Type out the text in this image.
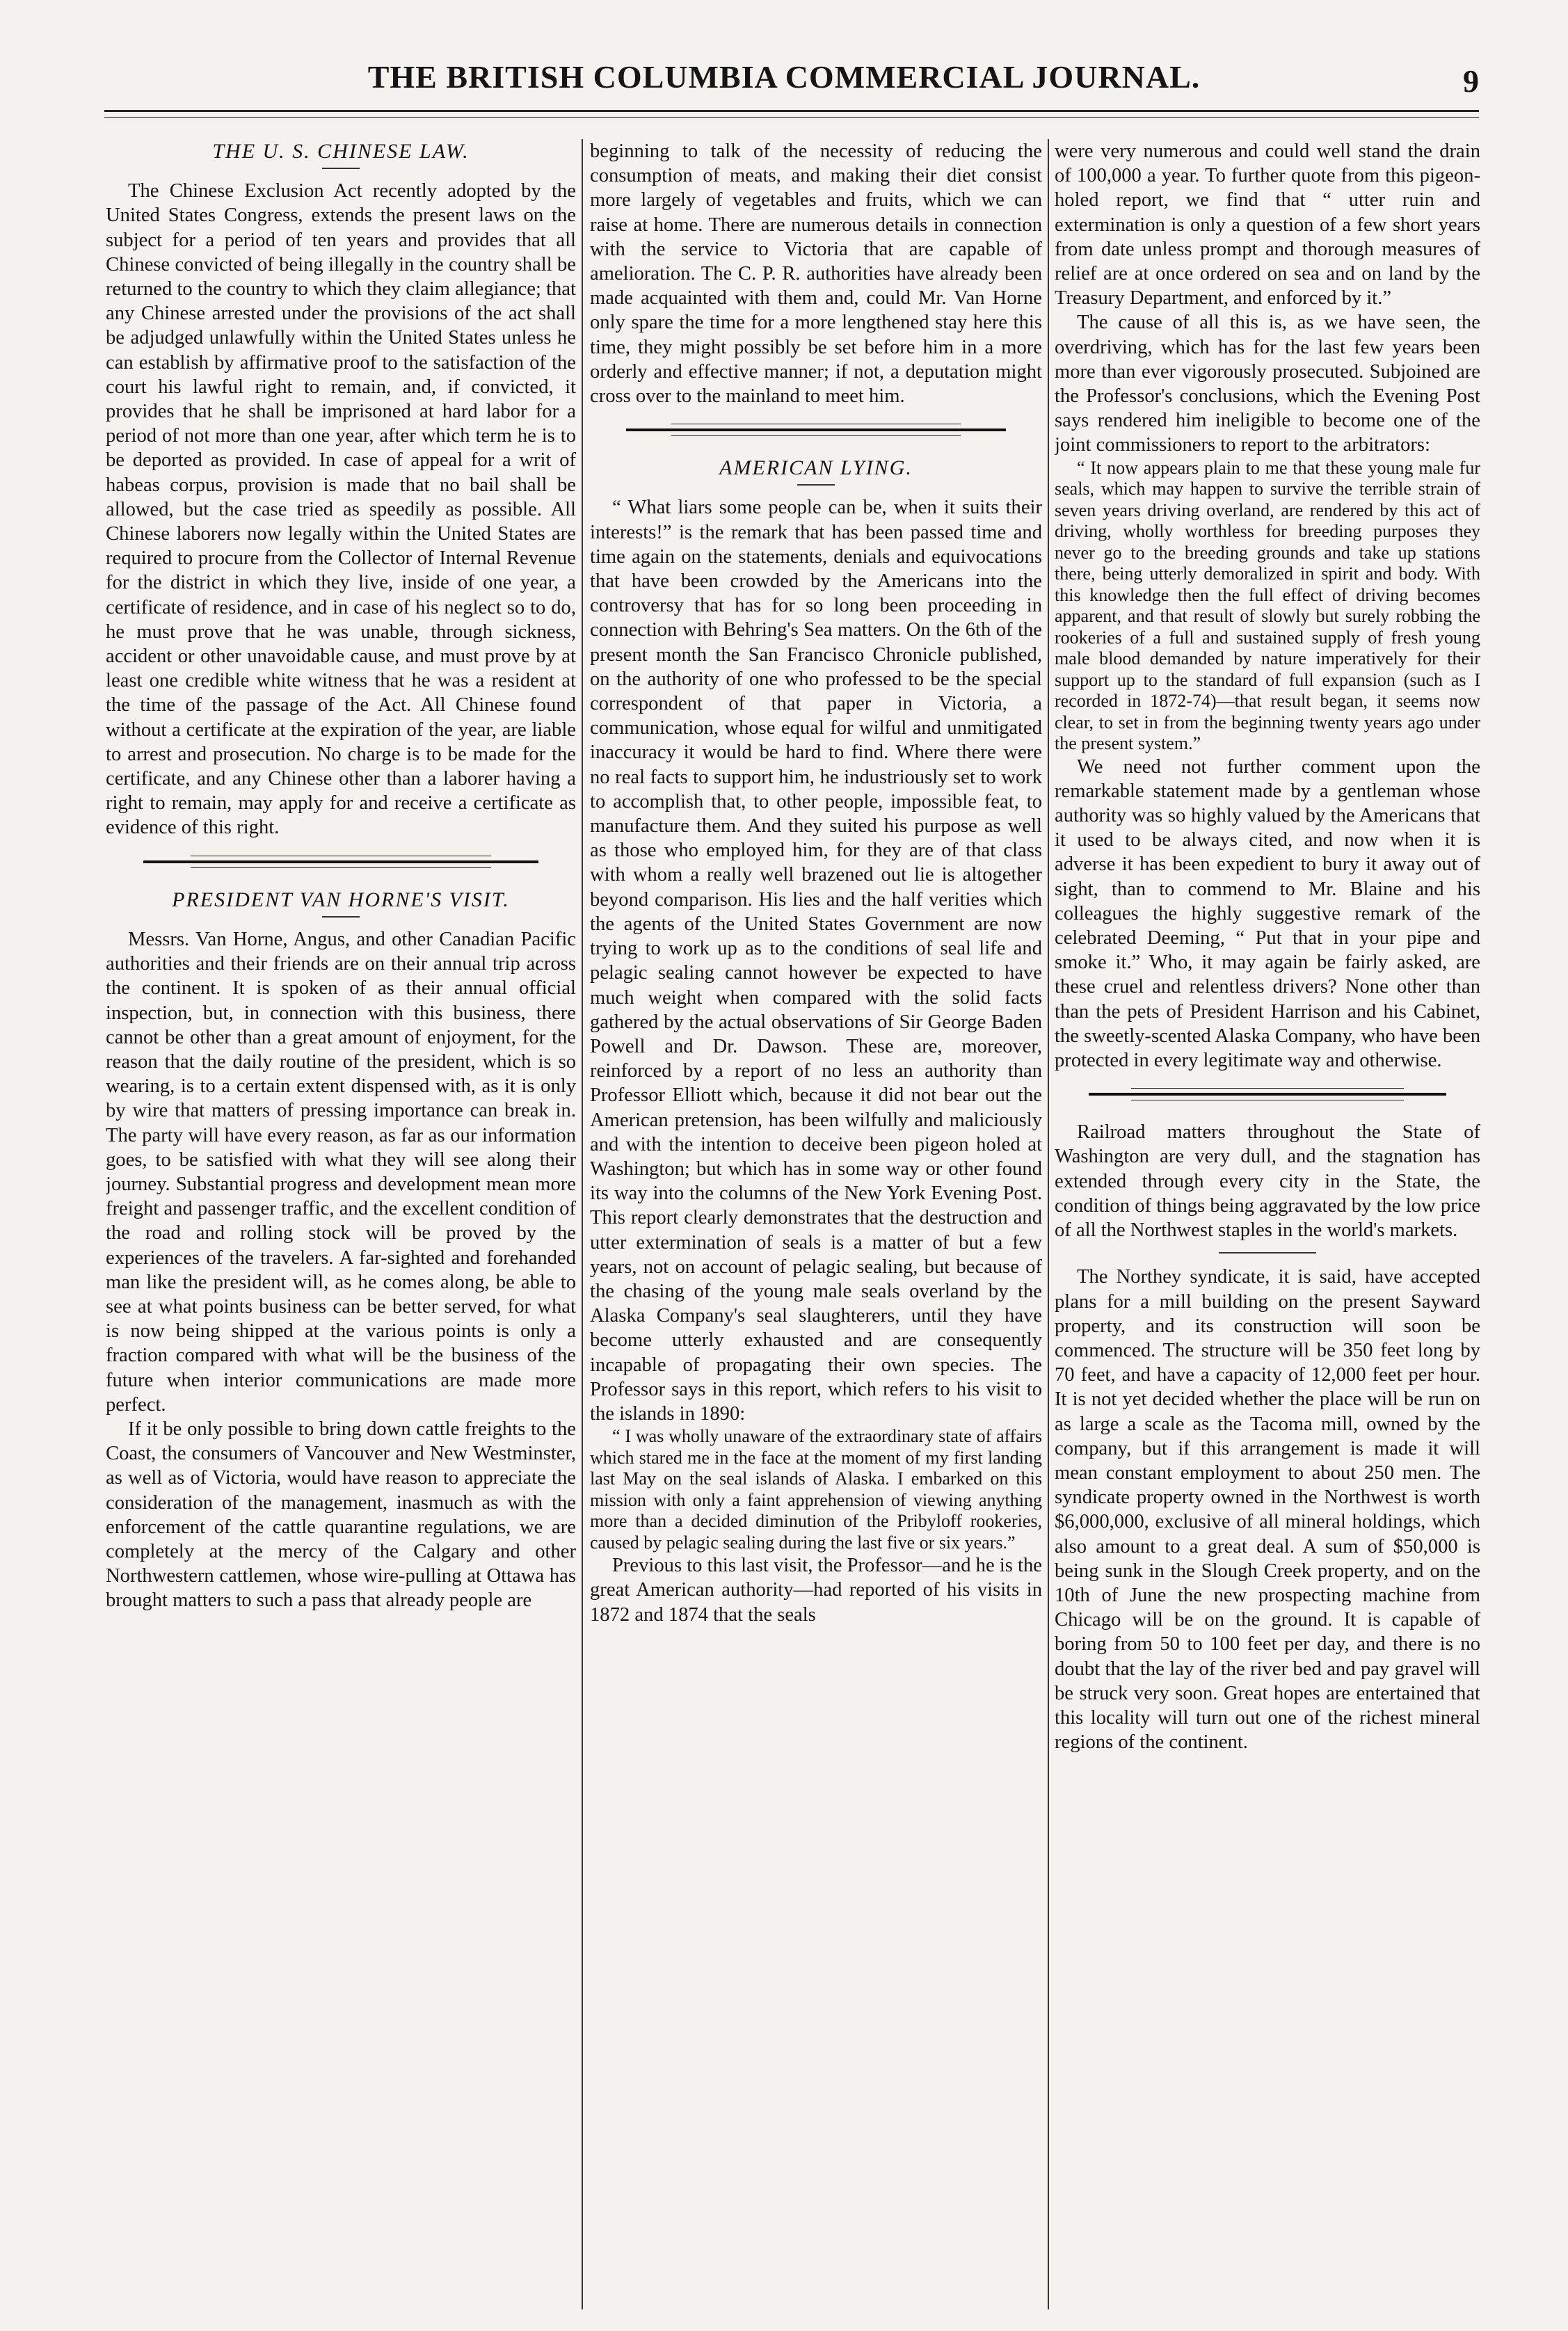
THE BRITISH COLUMBIA COMMERCIAL JOURNAL.	9
THE U. S. CHINESE LAW.

The Chinese Exclusion Act recently adopted by the United States Congress, extends the present laws on the subject for a period of ten years and provides that all Chinese convicted of being illegally in the country shall be returned to the country to which they claim allegiance; that any Chinese arrested under the provisions of the act shall be adjudged unlawfully within the United States unless he can establish by affirmative proof to the satisfaction of the court his lawful right to remain, and, if convicted, it provides that he shall be imprisoned at hard labor for a period of not more than one year, after which term he is to be deported as provided. In case of appeal for a writ of habeas corpus, provision is made that no bail shall be allowed, but the case tried as speedily as possible. All Chinese laborers now legally within the United States are required to procure from the Collector of Internal Revenue for the district in which they live, inside of one year, a certificate of residence, and in case of his neglect so to do, he must prove that he was unable, through sickness, accident or other unavoidable cause, and must prove by at least one credible white witness that he was a resident at the time of the passage of the Act. All Chinese found without a certificate at the expiration of the year, are liable to arrest and prosecution. No charge is to be made for the certificate, and any Chinese other than a laborer having a right to remain, may apply for and receive a certificate as evidence of this right.

PRESIDENT VAN HORNE'S VISIT.

Messrs. Van Horne, Angus, and other Canadian Pacific authorities and their friends are on their annual trip across the continent. It is spoken of as their annual official inspection, but, in connection with this business, there cannot be other than a great amount of enjoyment, for the reason that the daily routine of the president, which is so wearing, is to a certain extent dispensed with, as it is only by wire that matters of pressing importance can break in. The party will have every reason, as far as our information goes, to be satisfied with what they will see along their journey. Substantial progress and development mean more freight and passenger traffic, and the excellent condition of the road and rolling stock will be proved by the experiences of the travelers. A far-sighted and forehanded man like the president will, as he comes along, be able to see at what points business can be better served, for what is now being shipped at the various points is only a fraction compared with what will be the business of the future when interior communications are made more perfect.

If it be only possible to bring down cattle freights to the Coast, the consumers of Vancouver and New Westminster, as well as of Victoria, would have reason to appreciate the consideration of the management, inasmuch as with the enforcement of the cattle quarantine regulations, we are completely at the mercy of the Calgary and other Northwestern cattlemen, whose wire-pulling at Ottawa has brought matters to such a pass that already people are

beginning to talk of the necessity of reducing the consumption of meats, and making their diet consist more largely of vegetables and fruits, which we can raise at home. There are numerous details in connection with the service to Victoria that are capable of amelioration. The C. P. R. authorities have already been made acquainted with them and, could Mr. Van Horne only spare the time for a more lengthened stay here this time, they might possibly be set before him in a more orderly and effective manner; if not, a deputation might cross over to the mainland to meet him.

AMERICAN LYING.

“ What liars some people can be, when it suits their interests!” is the remark that has been passed time and time again on the statements, denials and equivocations that have been crowded by the Americans into the controversy that has for so long been proceeding in connection with Behring's Sea matters. On the 6th of the present month the San Francisco Chronicle published, on the authority of one who professed to be the special correspondent of that paper in Victoria, a communication, whose equal for wilful and unmitigated inaccuracy it would be hard to find. Where there were no real facts to support him, he industriously set to work to accomplish that, to other people, impossible feat, to manufacture them. And they suited his purpose as well as those who employed him, for they are of that class with whom a really well brazened out lie is altogether beyond comparison. His lies and the half verities which the agents of the United States Government are now trying to work up as to the conditions of seal life and pelagic sealing cannot however be expected to have much weight when compared with the solid facts gathered by the actual observations of Sir George Baden Powell and Dr. Dawson. These are, moreover, reinforced by a report of no less an authority than Professor Elliott which, because it did not bear out the American pretension, has been wilfully and maliciously and with the intention to deceive been pigeon holed at Washington; but which has in some way or other found its way into the columns of the New York Evening Post. This report clearly demonstrates that the destruction and utter extermination of seals is a matter of but a few years, not on account of pelagic sealing, but because of the chasing of the young male seals overland by the Alaska Company's seal slaughterers, until they have become utterly exhausted and are consequently incapable of propagating their own species. The Professor says in this report, which refers to his visit to the islands in 1890:

“ I was wholly unaware of the extraordinary state of affairs which stared me in the face at the moment of my first landing last May on the seal islands of Alaska. I embarked on this mission with only a faint apprehension of viewing anything more than a decided diminution of the Pribyloff rookeries, caused by pelagic sealing during the last five or six years.”

Previous to this last visit, the Professor—and he is the great American authority—had reported of his visits in 1872 and 1874 that the seals

were very numerous and could well stand the drain of 100,000 a year. To further quote from this pigeon-holed report, we find that “ utter ruin and extermination is only a question of a few short years from date unless prompt and thorough measures of relief are at once ordered on sea and on land by the Treasury Department, and enforced by it.”

The cause of all this is, as we have seen, the overdriving, which has for the last few years been more than ever vigorously prosecuted. Subjoined are the Professor's conclusions, which the Evening Post says rendered him ineligible to become one of the joint commissioners to report to the arbitrators:

“ It now appears plain to me that these young male fur seals, which may happen to survive the terrible strain of seven years driving overland, are rendered by this act of driving, wholly worthless for breeding purposes they never go to the breeding grounds and take up stations there, being utterly demoralized in spirit and body. With this knowledge then the full effect of driving becomes apparent, and that result of slowly but surely robbing the rookeries of a full and sustained supply of fresh young male blood demanded by nature imperatively for their support up to the standard of full expansion (such as I recorded in 1872-74)—that result began, it seems now clear, to set in from the beginning twenty years ago under the present system.”

We need not further comment upon the remarkable statement made by a gentleman whose authority was so highly valued by the Americans that it used to be always cited, and now when it is adverse it has been expedient to bury it away out of sight, than to commend to Mr. Blaine and his colleagues the highly suggestive remark of the celebrated Deeming, “ Put that in your pipe and smoke it.” Who, it may again be fairly asked, are these cruel and relentless drivers? None other than than the pets of President Harrison and his Cabinet, the sweetly-scented Alaska Company, who have been protected in every legitimate way and otherwise.

Railroad matters throughout the State of Washington are very dull, and the stagnation has extended through every city in the State, the condition of things being aggravated by the low price of all the Northwest staples in the world's markets.

The Northey syndicate, it is said, have accepted plans for a mill building on the present Sayward property, and its construction will soon be commenced. The structure will be 350 feet long by 70 feet, and have a capacity of 12,000 feet per hour. It is not yet decided whether the place will be run on as large a scale as the Tacoma mill, owned by the company, but if this arrangement is made it will mean constant employment to about 250 men. The syndicate property owned in the Northwest is worth $6,000,000, exclusive of all mineral holdings, which also amount to a great deal. A sum of $50,000 is being sunk in the Slough Creek property, and on the 10th of June the new prospecting machine from Chicago will be on the ground. It is capable of boring from 50 to 100 feet per day, and there is no doubt that the lay of the river bed and pay gravel will be struck very soon. Great hopes are entertained that this locality will turn out one of the richest mineral regions of the continent.
